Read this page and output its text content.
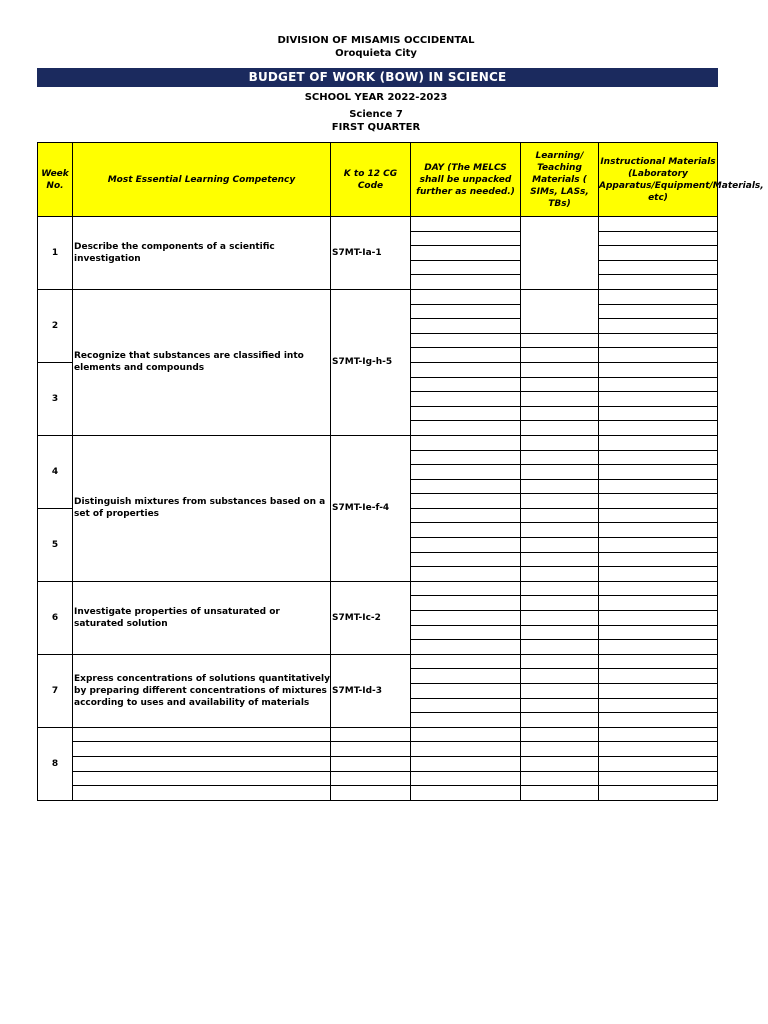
DIVISION OF MISAMIS OCCIDENTAL
Oroquieta City
BUDGET OF WORK (BOW) IN SCIENCE
SCHOOL YEAR 2022-2023
Science 7
FIRST QUARTER
Week No.	Most Essential Learning Competency	K to 12 CG Code	DAY (The MELCS shall be unpacked further as needed.)	Learning/ Teaching Materials ( SIMs, LASs, TBs)	Instructional Materials (Laboratory Apparatus/Equipment/Materials, etc)
1	Describe the components of a scientific investigation	S7MT-Ia-1			

2	Recognize that substances are classified into elements and compounds	S7MT-Ig-h-5			

3					

4	Distinguish mixtures from substances based on a set of properties	S7MT-Ie-f-4			

5					

6	Investigate properties of unsaturated or saturated solution	S7MT-Ic-2			

7	Express concentrations of solutions quantitatively by preparing different concentrations of mixtures according to uses and availability of materials	S7MT-Id-3			

8					
